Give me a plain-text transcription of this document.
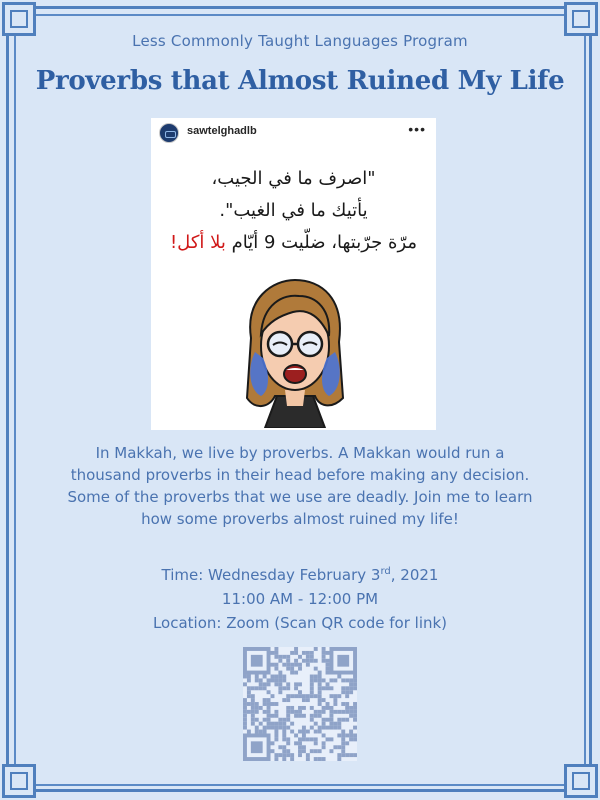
Less Commonly Taught Languages Program
Proverbs that Almost Ruined My Life
sawtelghadlb	•••
"اصرف ما في الجيب،
يأتيك ما في الغيب".
مرّة جرّبتها، ضلّيت 9 أيّام بلا أكل!
In Makkah, we live by proverbs. A Makkan would run a thousand proverbs in their head before making any decision. Some of the proverbs that we use are deadly. Join me to learn how some proverbs almost ruined my life!
Time: Wednesday February 3rd, 2021
11:00 AM - 12:00 PM
Location: Zoom (Scan QR code for link)
